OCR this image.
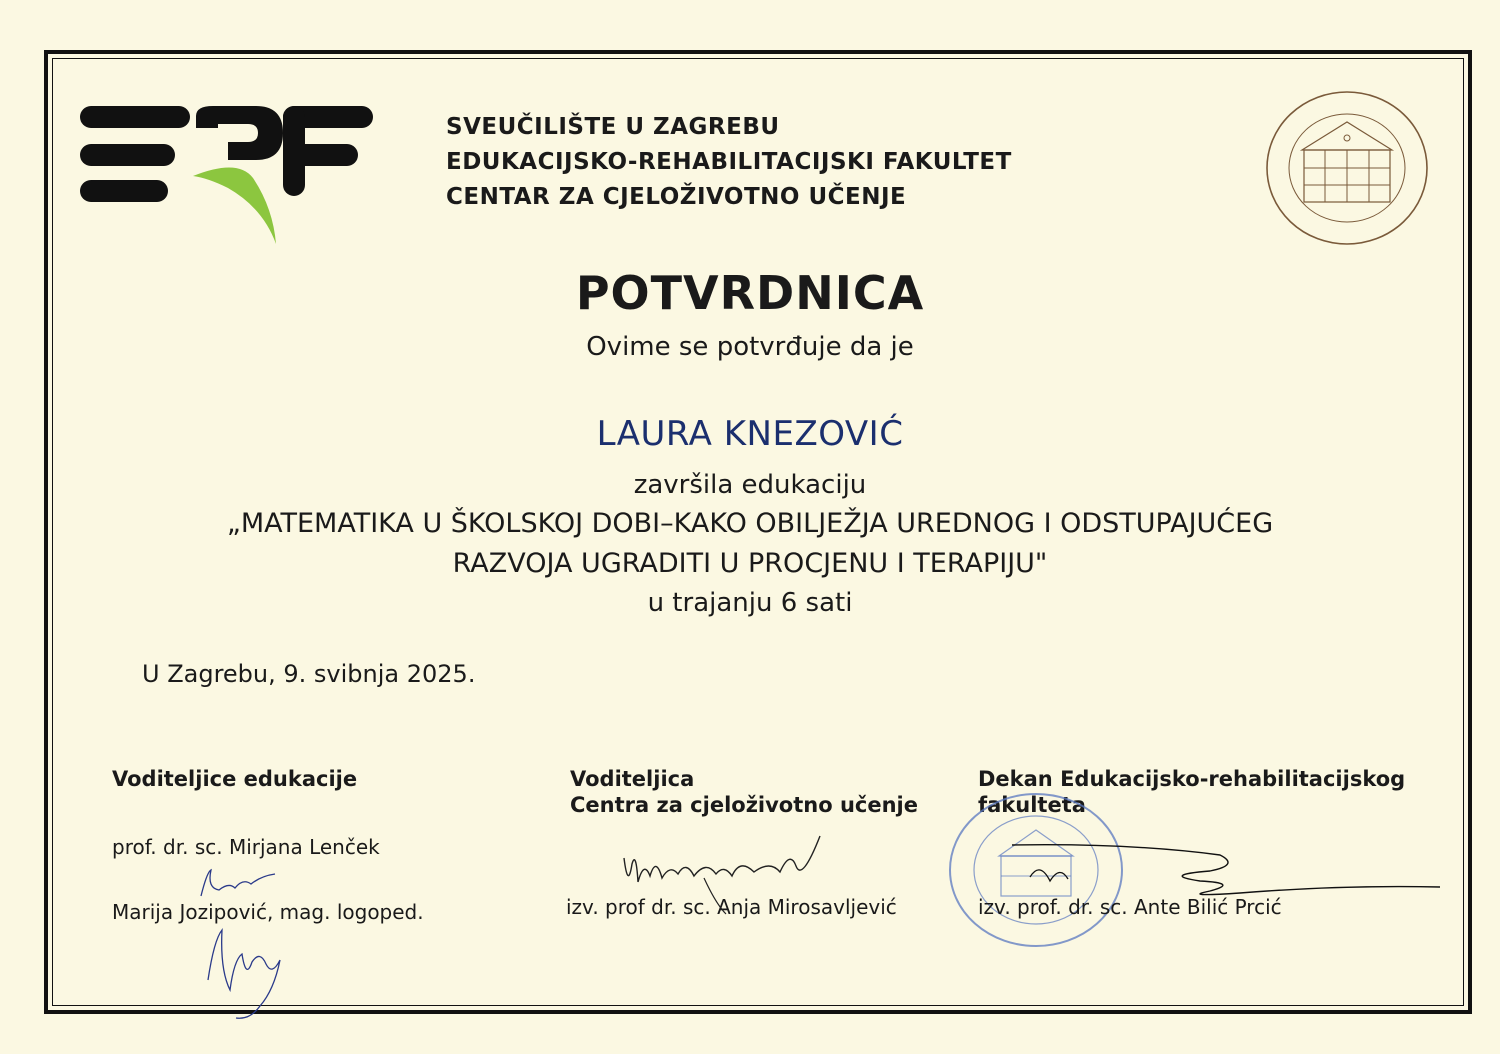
SVEUČILIŠTE U ZAGREBU
EDUKACIJSKO-REHABILITACIJSKI FAKULTET
CENTAR ZA CJELOŽIVOTNO UČENJE
POTVRDNICA
Ovime se potvrđuje da je
LAURA KNEZOVIĆ
završila edukaciju
„MATEMATIKA U ŠKOLSKOJ DOBI–KAKO OBILJEŽJA UREDNOG I ODSTUPAJUĆEG
RAZVOJA UGRADITI U PROCJENU I TERAPIJU"
u trajanju 6 sati
U Zagrebu, 9. svibnja 2025.
Voditeljice edukacije
prof. dr. sc. Mirjana Lenček
Marija Jozipović, mag. logoped.
Voditeljica
Centra za cjeloživotno učenje
izv. prof dr. sc. Anja Mirosavljević
Dekan Edukacijsko-rehabilitacijskog
fakulteta
izv. prof. dr. sc. Ante Bilić Prcić
